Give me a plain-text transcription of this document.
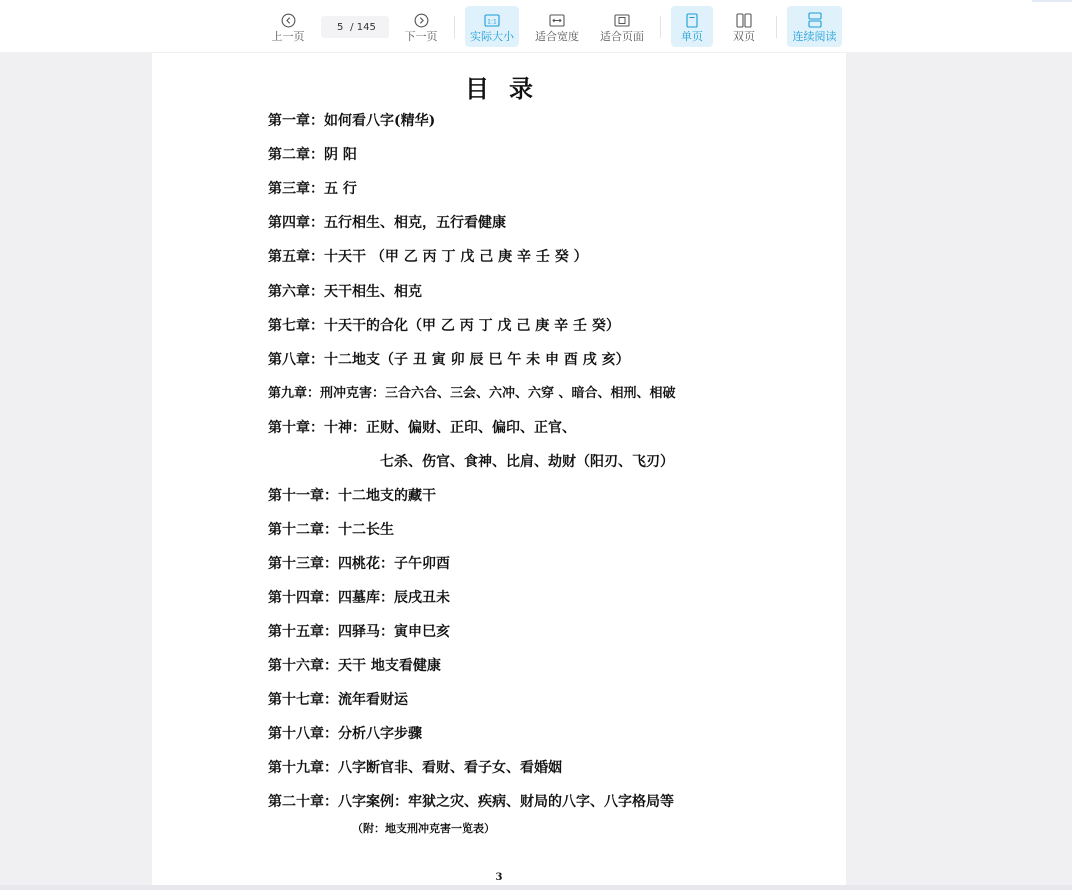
上一页
5
/ 145
下一页
1:1
实际大小 适合宽度 适合页面	单页	双页	连续阅读
目录
第一章：如何看八字(精华)
第二章：阴 阳
第三章：五 行
第四章：五行相生、相克，五行看健康
第五章：十天干 （甲 乙 丙 丁 戊 己 庚 辛 壬 癸 ）
第六章：天干相生、相克
第七章：十天干的合化（甲 乙 丙 丁 戊 己 庚 辛 壬 癸）
第八章：十二地支（子 丑 寅 卯 辰 巳 午 未 申 酉 戌 亥）
第九章：刑冲克害：三合六合、三会、六冲、六穿 、暗合、相刑、相破
第十章：十神：正财、偏财、正印、偏印、正官、
七杀、伤官、食神、比肩、劫财（阳刃、飞刃）
第十一章：十二地支的藏干
第十二章：十二长生
第十三章：四桃花：子午卯酉
第十四章：四墓库：辰戌丑未
第十五章：四驿马：寅申巳亥
第十六章：天干 地支看健康
第十七章：流年看财运
第十八章：分析八字步骤
第十九章：八字断官非、看财、看子女、看婚姻
第二十章：八字案例：牢狱之灾、疾病、财局的八字、八字格局等
（附：地支刑冲克害一览表）
3
